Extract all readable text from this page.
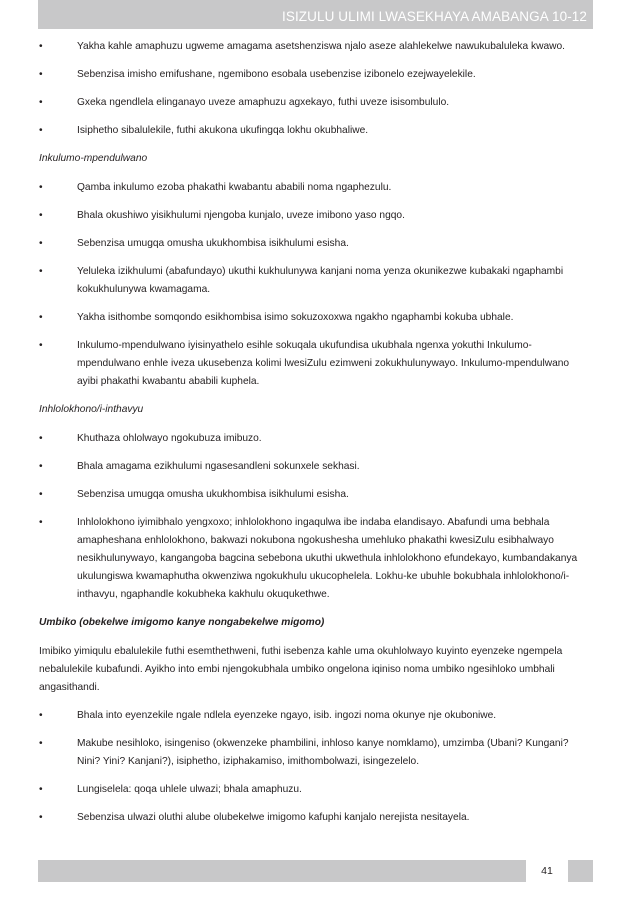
ISIZULU ULIMI LWASEKHAYA AMABANGA 10-12
•	Yakha kahle amaphuzu ugweme amagama asetshenziswa njalo aseze alahlekelwe nawukubaluleka kwawo.
•	Sebenzisa imisho emifushane, ngemibono esobala usebenzise izibonelo ezejwayelekile.
•	Gxeka ngendlela elinganayo uveze amaphuzu agxekayo, futhi uveze isisombululo.
•	Isiphetho sibalulekile, futhi akukona ukufingqa lokhu okubhaliwe.
Inkulumo-mpendulwano
•	Qamba inkulumo ezoba phakathi kwabantu ababili noma ngaphezulu.
•	Bhala okushiwo yisikhulumi njengoba kunjalo, uveze imibono yaso ngqo.
•	Sebenzisa umugqa omusha ukukhombisa isikhulumi esisha.
•	Yeluleka izikhulumi (abafundayo) ukuthi kukhulunywa kanjani noma yenza okunikezwe kubakaki ngaphambi kokukhulunywa kwamagama.
•	Yakha isithombe somqondo esikhombisa isimo sokuzoxoxwa ngakho ngaphambi kokuba ubhale.
•	Inkulumo-mpendulwano iyisinyathelo esihle sokuqala ukufundisa ukubhala ngenxa yokuthi Inkulumo-mpendulwano enhle iveza ukusebenza kolimi lwesiZulu ezimweni zokukhulunywayo. Inkulumo-mpendulwano ayibi phakathi kwabantu ababili kuphela.
Inhlolokhono/i-inthavyu
•	Khuthaza ohlolwayo ngokubuza imibuzo.
•	Bhala amagama ezikhulumi ngasesandleni sokunxele sekhasi.
•	Sebenzisa umugqa omusha ukukhombisa isikhulumi esisha.
•	Inhlolokhono iyimibhalo yengxoxo; inhlolokhono ingaqulwa ibe indaba elandisayo. Abafundi uma bebhala amapheshana enhlolokhono, bakwazi nokubona ngokushesha umehluko phakathi kwesiZulu esibhalwayo nesikhulunywayo, kangangoba bagcina sebebona ukuthi ukwethula inhlolokhono efundekayo, kumbandakanya ukulungiswa kwamaphutha okwenziwa ngokukhulu ukucophelela. Lokhu-ke ubuhle bokubhala inhlolokhono/i-inthavyu, ngaphandle kokubheka kakhulu okuqukethwe.
Umbiko (obekelwe imigomo kanye nongabekelwe migomo)
Imibiko yimiqulu ebalulekile futhi esemthethweni, futhi isebenza kahle uma okuhlolwayo kuyinto eyenzeke ngempela nebalulekile kubafundi. Ayikho into embi njengokubhala umbiko ongelona iqiniso noma umbiko ngesihloko umbhali angasithandi.
•	Bhala into eyenzekile ngale ndlela eyenzeke ngayo, isib. ingozi noma okunye nje okuboniwe.
•	Makube nesihloko, isingeniso (okwenzeke phambilini, inhloso kanye nomklamo), umzimba (Ubani? Kungani? Nini? Yini? Kanjani?), isiphetho, iziphakamiso, imithombolwazi, isingezelelo.
•	Lungiselela: qoqa uhlele ulwazi; bhala amaphuzu.
•	Sebenzisa ulwazi oluthi alube olubekelwe imigomo kafuphi kanjalo nerejista nesitayela.
41
